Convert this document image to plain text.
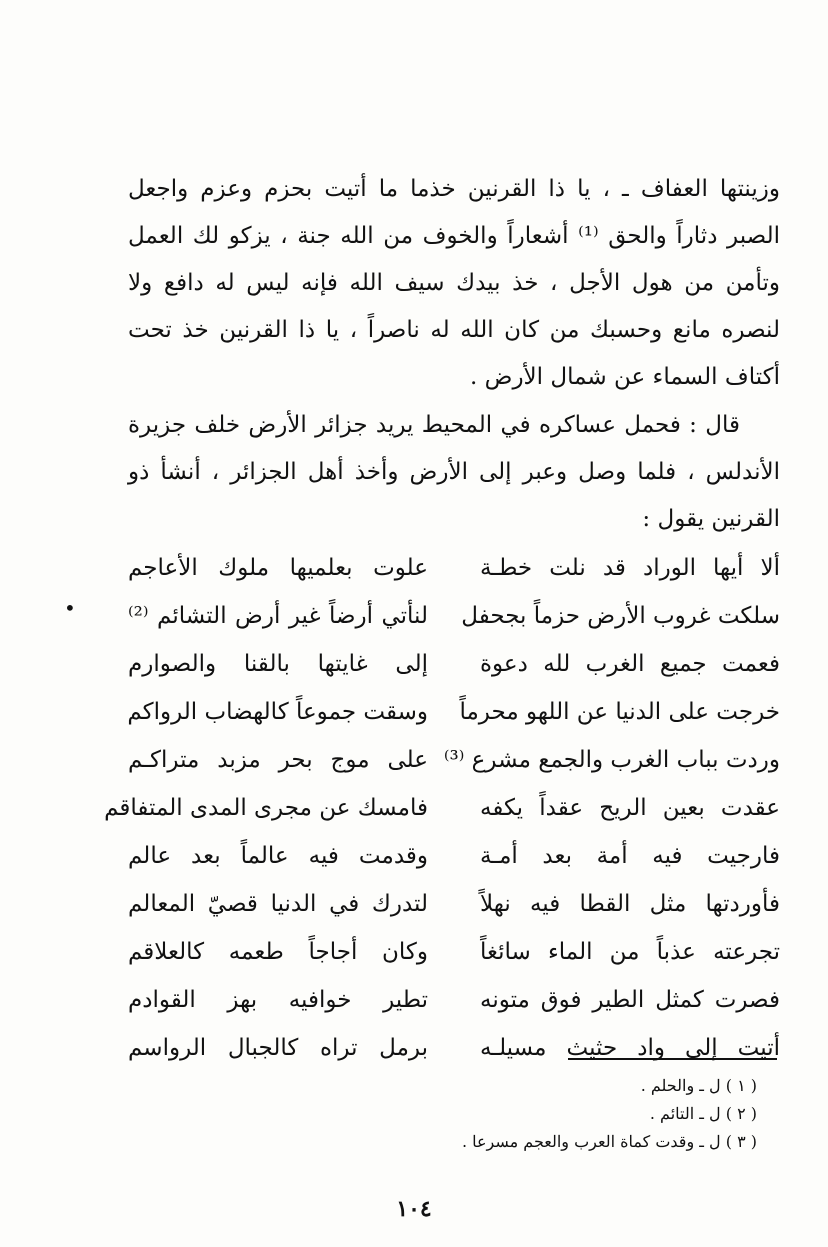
وزينتها العفاف ـ ، يا ذا القرنين خذما ما أتيت بحزم وعزم واجعل الصبر دثاراً والحق ⁽¹⁾ أشعاراً والخوف من الله جنة ، يزكو لك العمل وتأمن من هول الأجل ، خذ بيدك سيف الله فإنه ليس له دافع ولا لنصره مانع وحسبك من كان الله له ناصراً ، يا ذا القرنين خذ تحت أكتاف السماء عن شمال الأرض .

قال : فحمل عساكره في المحيط يريد جزائر الأرض خلف جزيرة الأندلس ، فلما وصل وعبر إلى الأرض وأخذ أهل الجزائر ، أنشأ ذو القرنين يقول :

ألا أيها الوراد قد نلت خطـة
علوت بعلميها ملوك الأعاجم
سلكت غروب الأرض حزماً بجحفل
لنأتي أرضاً غير أرض التشائم ⁽²⁾
فعمت جميع الغرب لله دعوة
إلى غايتها بالقنا والصوارم
خرجت على الدنيا عن اللهو محرماً
وسقت جموعاً كالهضاب الرواكم
وردت بباب الغرب والجمع مشرع ⁽³⁾
على موج بحر مزبد متراكـم
عقدت بعين الريح عقداً يكفه
فامسك عن مجرى المدى المتفاقم
فارجيت فيه أمة بعد أمـة
وقدمت فيه عالماً بعد عالم
فأوردتها مثل القطا فيه نهلاً
لتدرك في الدنيا قصيّ المعالم
تجرعته عذباً من الماء سائغاً
وكان أجاجاً طعمه كالعلاقم
فصرت كمثل الطير فوق متونه
تطير خوافيه بهز القوادم
أتيت إلى واد حثيث مسيلـه
برمل تراه كالجبال الرواسم
•
( ١ ) ل ـ والحلم .
( ٢ ) ل ـ التائم .
( ٣ ) ل ـ وقدت كماة العرب والعجم مسرعا .
١٠٤
